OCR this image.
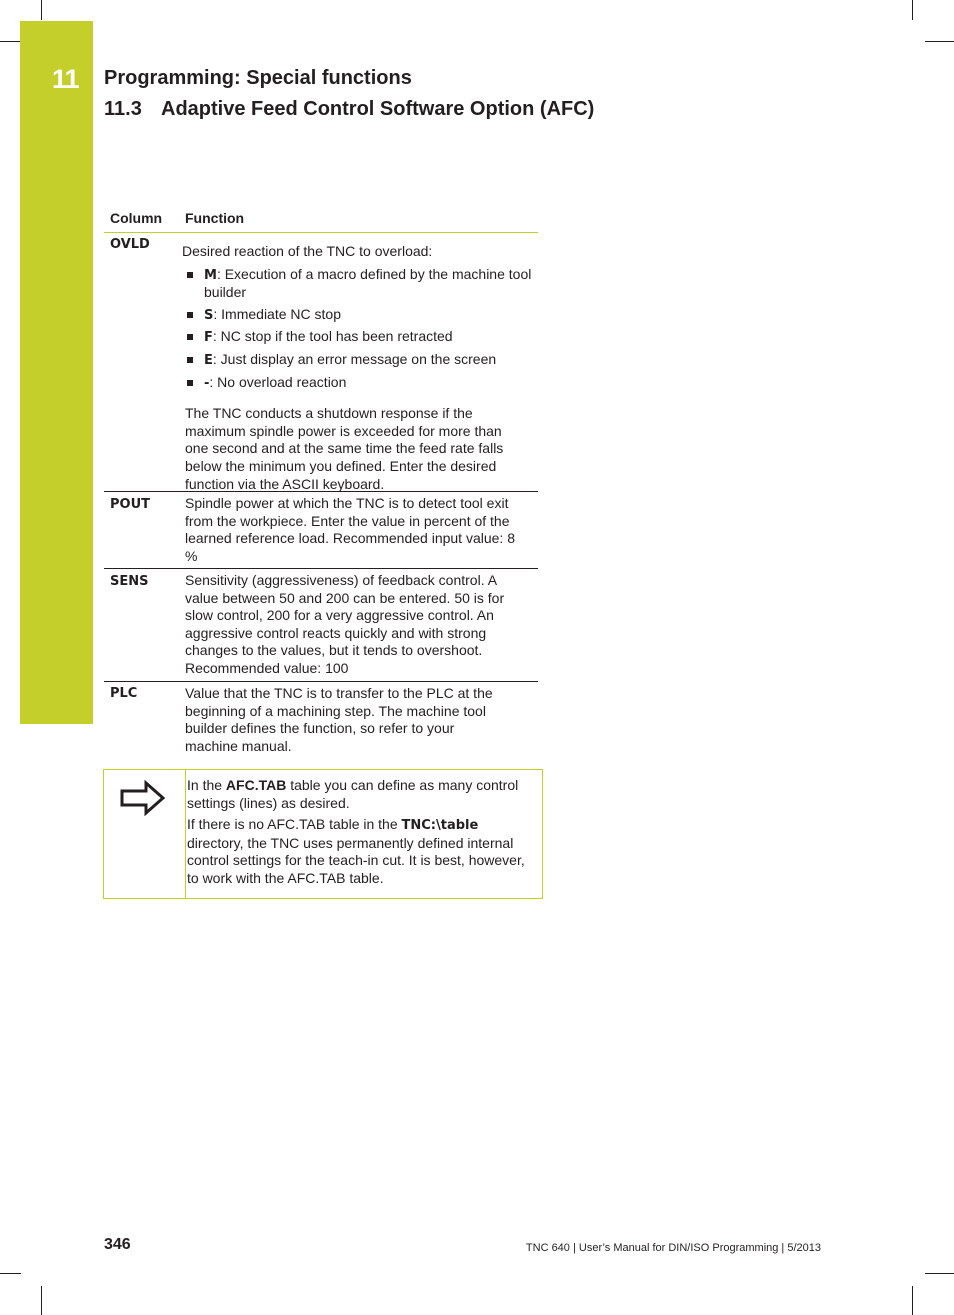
11	Programming: Special functions
11.3 Adaptive Feed Control Software Option (AFC)
Column Function
OVLD Desired reaction of the TNC to overload:

M: Execution of a macro defined by the machine tool builder
S: Immediate NC stop
F: NC stop if the tool has been retracted
E: Just display an error message on the screen
-: No overload reaction

The TNC conducts a shutdown response if the maximum spindle power is exceeded for more than one second and at the same time the feed rate falls below the minimum you defined. Enter the desired function via the ASCII keyboard.

POUT Spindle power at which the TNC is to detect tool exit from the workpiece. Enter the value in percent of the learned reference load. Recommended input value: 8 %

SENS	Sensitivity (aggressiveness) of feedback control. A value between 50 and 200 can be entered. 50 is for slow control, 200 for a very aggressive control. An aggressive control reacts quickly and with strong changes to the values, but it tends to overshoot. Recommended value: 100

PLC	Value that the TNC is to transfer to the PLC at the beginning of a machining step. The machine tool builder defines the function, so refer to your machine manual.

In the AFC.TAB table you can define as many control settings (lines) as desired.

If there is no AFC.TAB table in the TNC:\table directory, the TNC uses permanently defined internal control settings for the teach-in cut. It is best, however, to work with the AFC.TAB table.

346	TNC 640 | User’s Manual for DIN/ISO Programming | 5/2013
